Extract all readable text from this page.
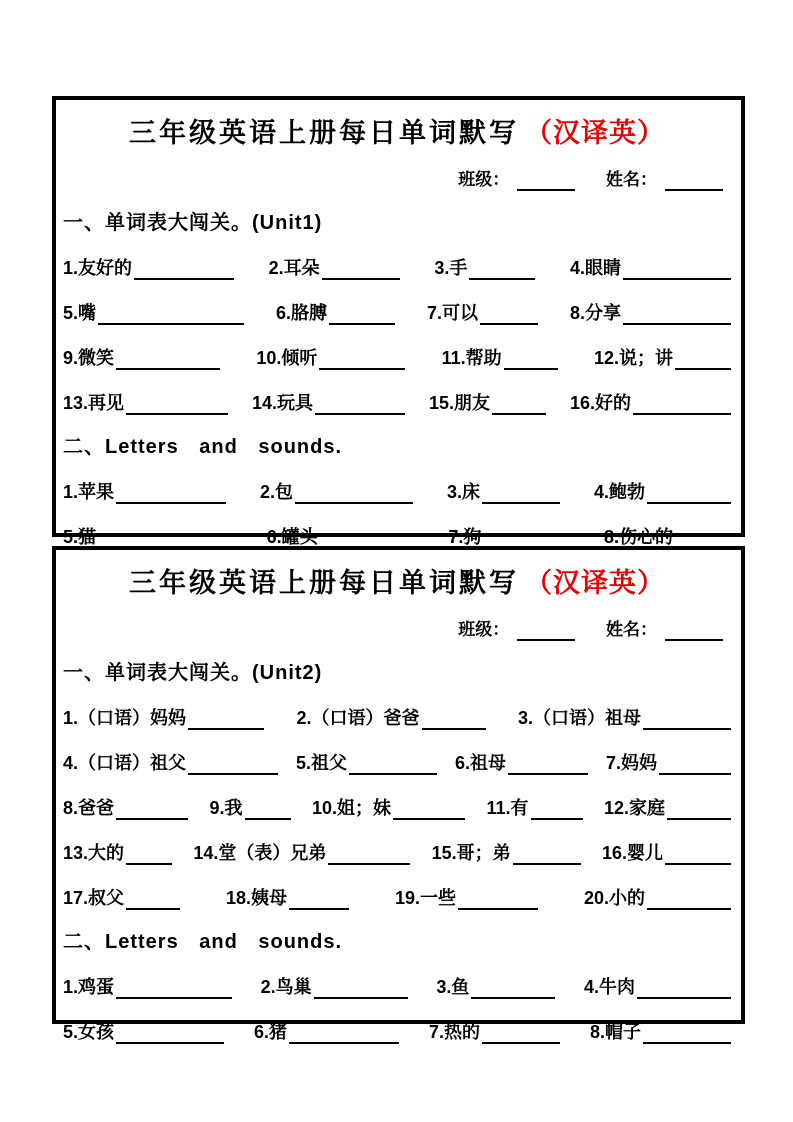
三年级英语上册每日单词默写 （汉译英）
班级：	姓名：
一、单词表大闯关。(Unit1)
1.友好的	2.耳朵	3.手	4.眼睛
5.嘴	6.胳膊	7.可以	8.分享
9.微笑	10.倾听	11.帮助	12.说；讲
13.再见	14.玩具	15.朋友	16.好的
二、Letters and sounds.
1.苹果	2.包	3.床	4.鲍勃
5.猫	6.罐头	7.狗	8.伤心的
三年级英语上册每日单词默写 （汉译英）
班级：	姓名：
一、单词表大闯关。(Unit2)
1.（口语）妈妈	2.（口语）爸爸	3.（口语）祖母
4.（口语）祖父	5.祖父	6.祖母	7.妈妈
8.爸爸	9.我	10.姐；妹	11.有	12.家庭
13.大的	14.堂（表）兄弟	15.哥；弟	16.婴儿
17.叔父	18.姨母	19.一些	20.小的
二、Letters and sounds.
1.鸡蛋	2.鸟巢	3.鱼	4.牛肉
5.女孩	6.猪	7.热的	8.帽子
